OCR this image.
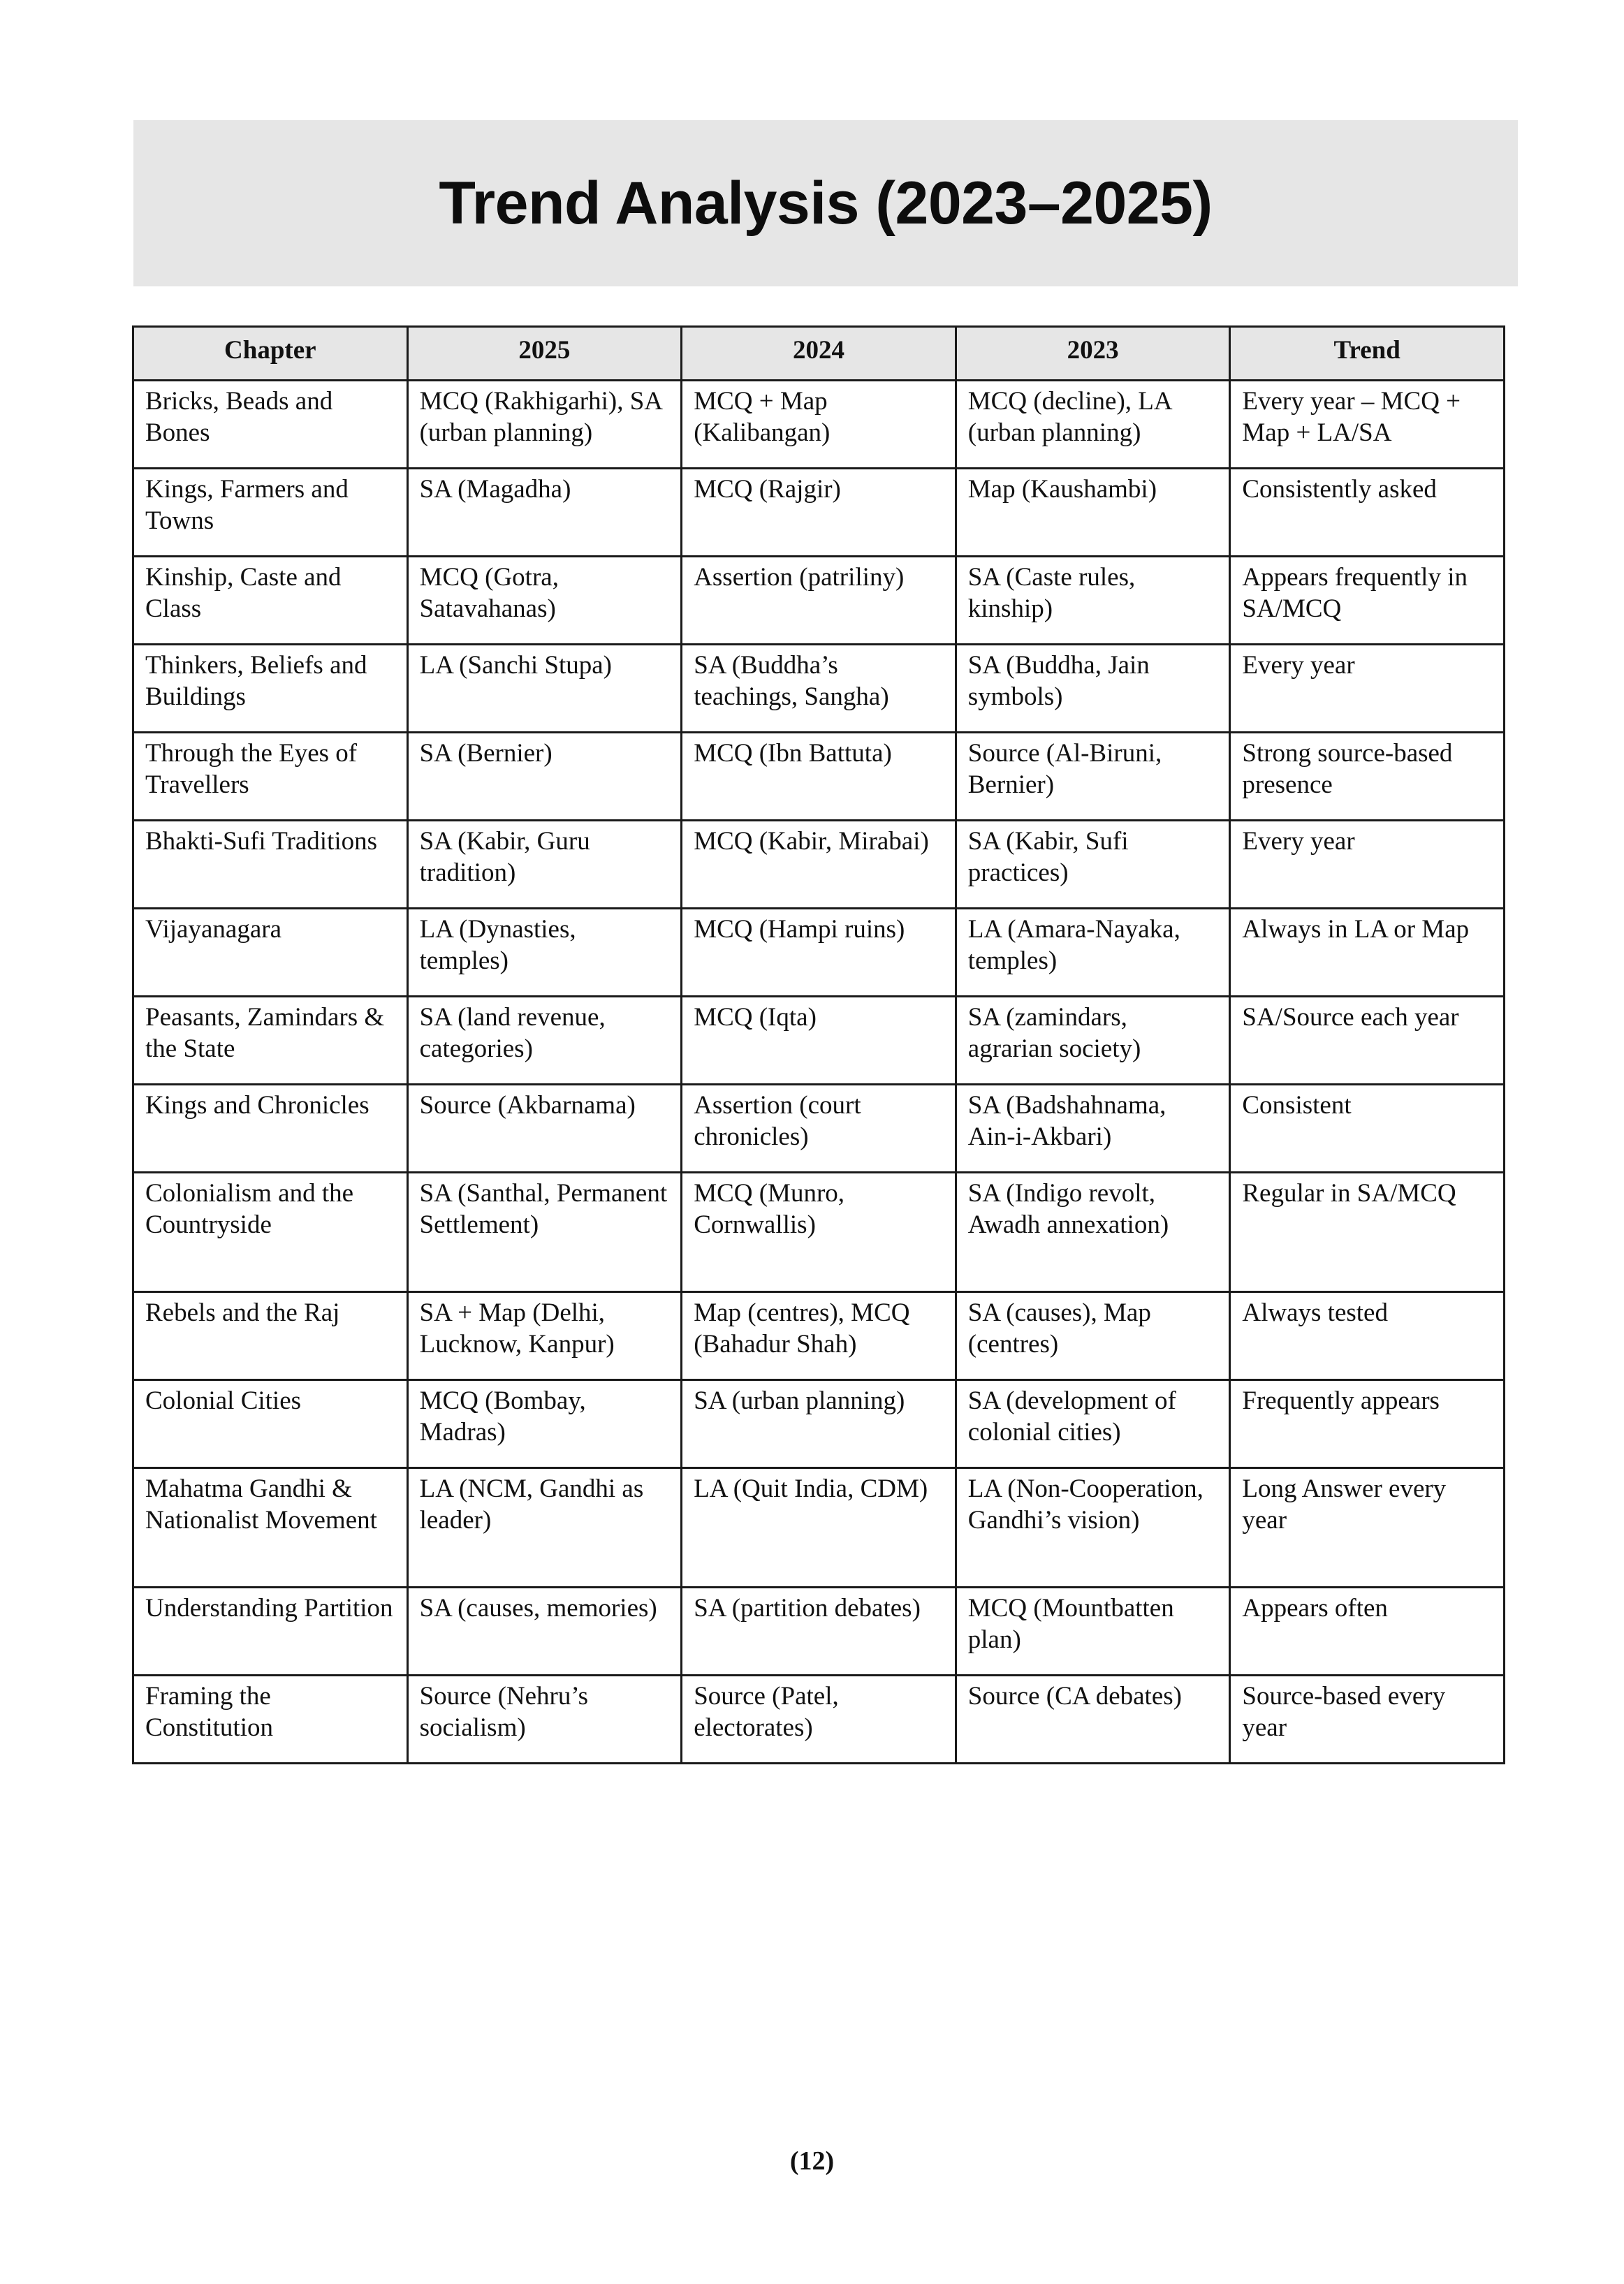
Trend Analysis (2023–2025)
Chapter	2025	2024	2023	Trend
Bricks, Beads and Bones	MCQ (Rakhigarhi), SA (urban planning)	MCQ + Map (Kalibangan)	MCQ (decline), LA (urban planning)	Every year – MCQ + Map + LA/SA
Kings, Farmers and Towns	SA (Magadha)	MCQ (Rajgir)	Map (Kaushambi)	Consistently asked
Kinship, Caste and Class	MCQ (Gotra, Satavahanas)	Assertion (patriliny)	SA (Caste rules, kinship)	Appears frequently in SA/MCQ
Thinkers, Beliefs and Buildings	LA (Sanchi Stupa)	SA (Buddha’s teachings, Sangha)	SA (Buddha, Jain symbols)	Every year
Through the Eyes of Travellers	SA (Bernier)	MCQ (Ibn Battuta)	Source (Al-Biruni, Bernier)	Strong source-based presence
Bhakti-Sufi Traditions	SA (Kabir, Guru tradition)	MCQ (Kabir, Mirabai)	SA (Kabir, Sufi practices)	Every year
Vijayanagara	LA (Dynasties, temples)	MCQ (Hampi ruins)	LA (Amara-Nayaka, temples)	Always in LA or Map
Peasants, Zamindars & the State	SA (land revenue, categories)	MCQ (Iqta)	SA (zamindars, agrarian society)	SA/Source each year
Kings and Chronicles	Source (Akbarnama)	Assertion (court chronicles)	SA (Badshahnama, Ain-i-Akbari)	Consistent
Colonialism and the Countryside	SA (Santhal, Permanent Settlement)	MCQ (Munro, Cornwallis)	SA (Indigo revolt, Awadh annexation)	Regular in SA/MCQ
Rebels and the Raj	SA + Map (Delhi, Lucknow, Kanpur)	Map (centres), MCQ (Bahadur Shah)	SA (causes), Map (centres)	Always tested
Colonial Cities	MCQ (Bombay, Madras)	SA (urban planning)	SA (development of colonial cities)	Frequently appears
Mahatma Gandhi & Nationalist Movement	LA (NCM, Gandhi as leader)	LA (Quit India, CDM)	LA (Non-Cooperation, Gandhi’s vision)	Long Answer every year
Understanding Partition	SA (causes, memories)	SA (partition debates)	MCQ (Mountbatten plan)	Appears often
Framing the Constitution	Source (Nehru’s socialism)	Source (Patel, electorates)	Source (CA debates)	Source-based every year
(12)
